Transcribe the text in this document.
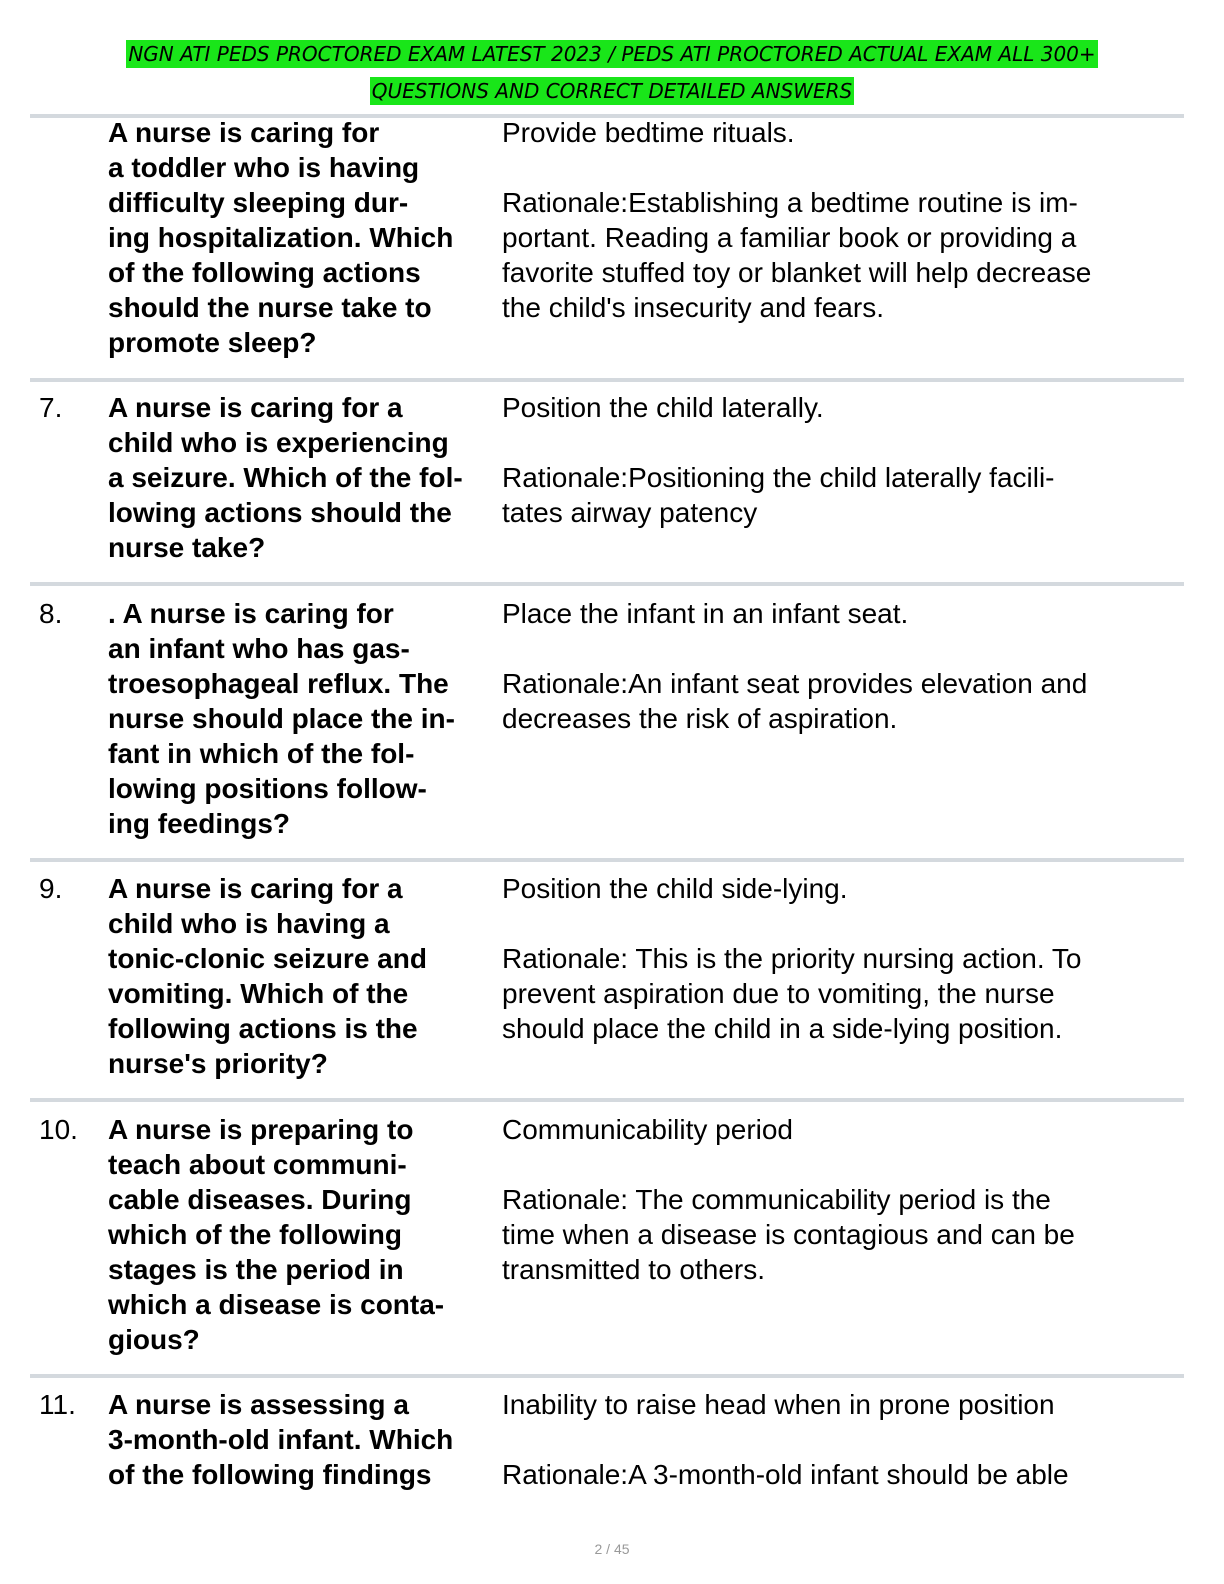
NGN ATI PEDS PROCTORED EXAM LATEST 2023 / PEDS ATI PROCTORED ACTUAL EXAM ALL 300+
QUESTIONS AND CORRECT DETAILED ANSWERS
A nurse is caring for
a toddler who is having
difficulty sleeping dur-
ing hospitalization. Which
of the following actions
should the nurse take to
promote sleep?
Provide bedtime rituals.
Rationale:Establishing a bedtime routine is im-
portant. Reading a familiar book or providing a
favorite stuffed toy or blanket will help decrease
the child's insecurity and fears.
7. A nurse is caring for a
child who is experiencing
a seizure. Which of the fol-
lowing actions should the
nurse take?
Position the child laterally.
Rationale:Positioning the child laterally facili-
tates airway patency
8. . A nurse is caring for
an infant who has gas-
troesophageal reflux. The
nurse should place the in-
fant in which of the fol-
lowing positions follow-
ing feedings?
Place the infant in an infant seat.
Rationale:An infant seat provides elevation and
decreases the risk of aspiration.
9. A nurse is caring for a
child who is having a
tonic-clonic seizure and
vomiting. Which of the
following actions is the
nurse's priority?
Position the child side-lying.
Rationale: This is the priority nursing action. To
prevent aspiration due to vomiting, the nurse
should place the child in a side-lying position.
10. A nurse is preparing to
teach about communi-
cable diseases. During
which of the following
stages is the period in
which a disease is conta-
gious?
Communicability period
Rationale: The communicability period is the
time when a disease is contagious and can be
transmitted to others.
11. A nurse is assessing a
3-month-old infant. Which
of the following findings
Inability to raise head when in prone position
Rationale:A 3-month-old infant should be able
2 / 45
